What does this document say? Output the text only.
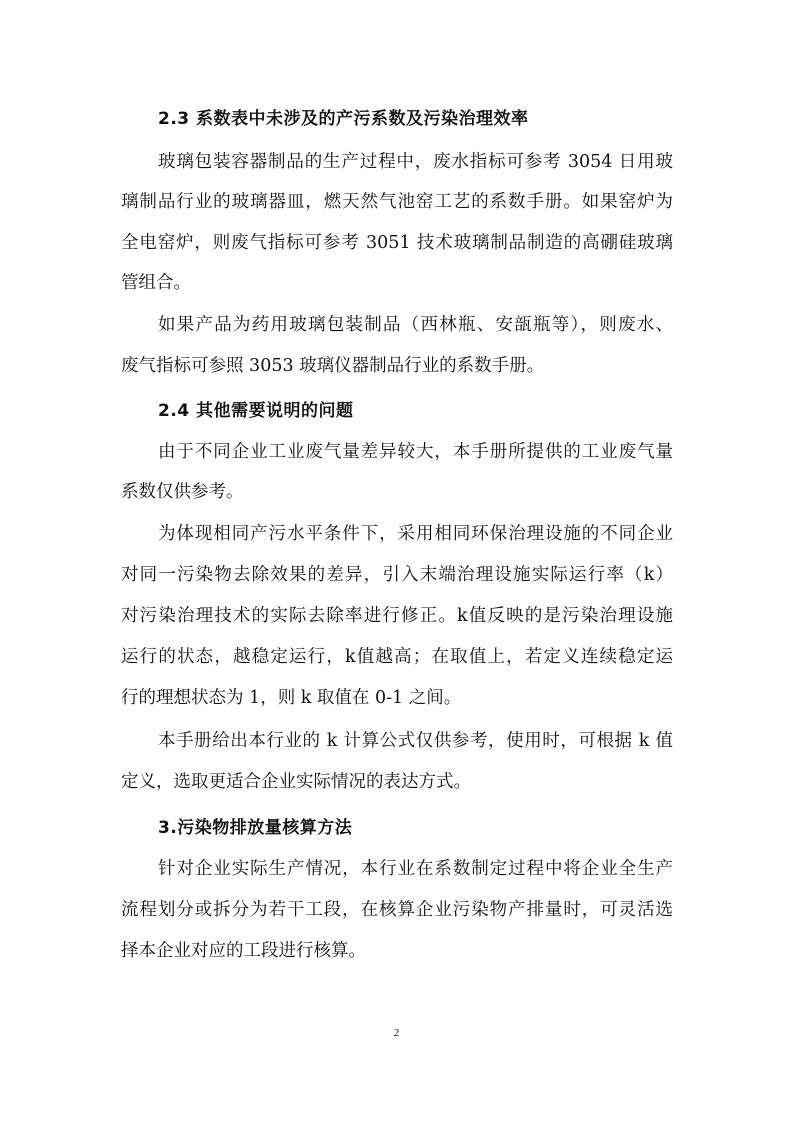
2.3 系数表中未涉及的产污系数及污染治理效率
玻璃包装容器制品的生产过程中，废水指标可参考 3054 日用玻
璃制品行业的玻璃器皿，燃天然气池窑工艺的系数手册。如果窑炉为
全电窑炉，则废气指标可参考 3051 技术玻璃制品制造的高硼硅玻璃
管组合。
如果产品为药用玻璃包装制品（西林瓶、安瓿瓶等），则废水、
废气指标可参照 3053 玻璃仪器制品行业的系数手册。
2.4 其他需要说明的问题
由于不同企业工业废气量差异较大，本手册所提供的工业废气量
系数仅供参考。
为体现相同产污水平条件下，采用相同环保治理设施的不同企业
对同一污染物去除效果的差异，引入末端治理设施实际运行率（k）
对污染治理技术的实际去除率进行修正。k值反映的是污染治理设施
运行的状态，越稳定运行，k值越高；在取值上，若定义连续稳定运
行的理想状态为 1，则 k 取值在 0-1 之间。
本手册给出本行业的 k 计算公式仅供参考，使用时，可根据 k 值
定义，选取更适合企业实际情况的表达方式。
3.污染物排放量核算方法
针对企业实际生产情况，本行业在系数制定过程中将企业全生产
流程划分或拆分为若干工段，在核算企业污染物产排量时，可灵活选
择本企业对应的工段进行核算。
2
